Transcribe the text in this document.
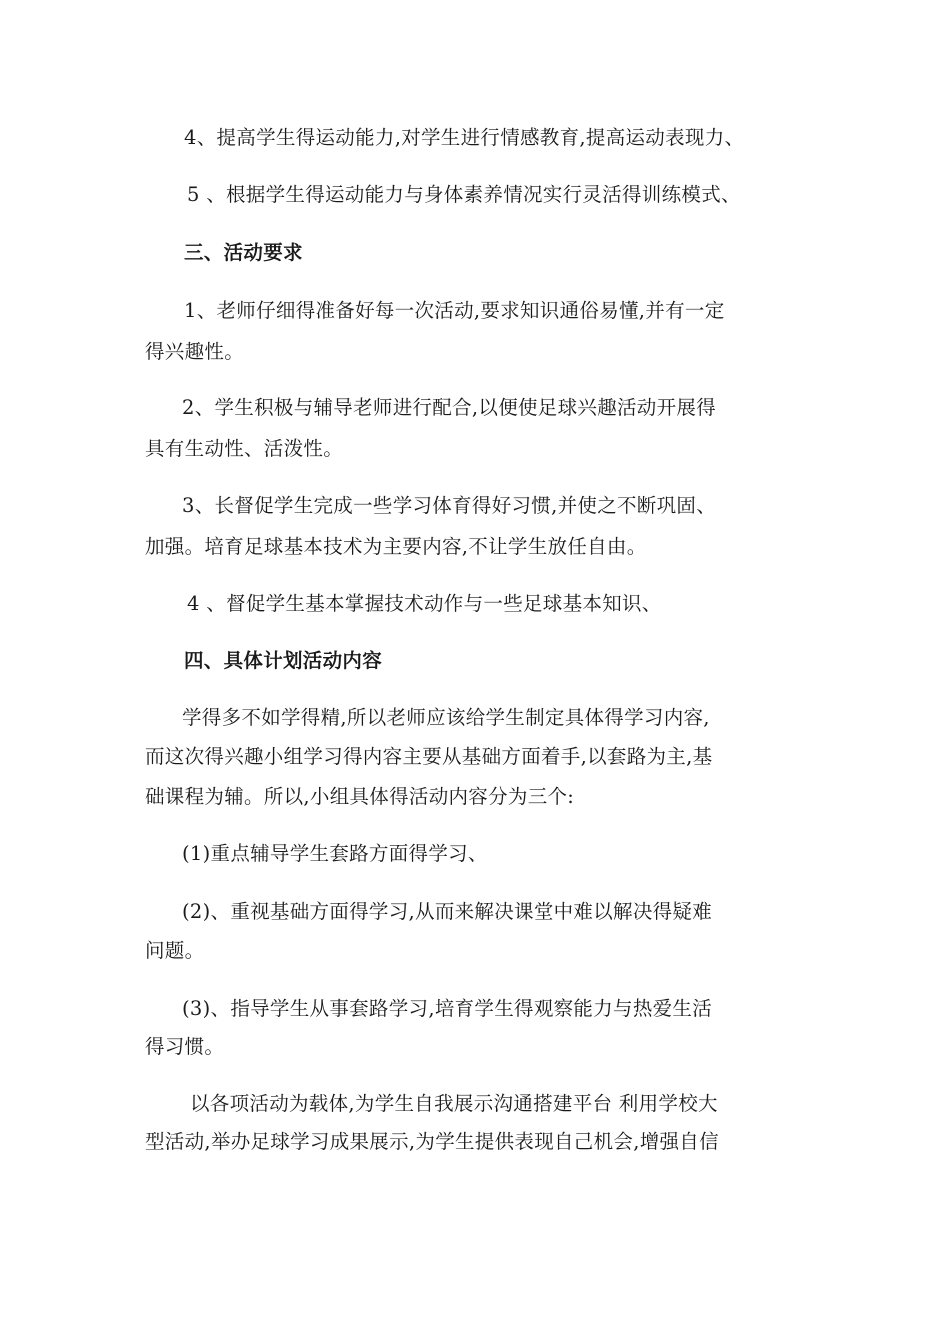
4、提高学生得运动能力,对学生进行情感教育,提高运动表现力、
5 、根据学生得运动能力与身体素养情况实行灵活得训练模式、
三、活动要求
1、老师仔细得准备好每一次活动,要求知识通俗易懂,并有一定
得兴趣性。
2、学生积极与辅导老师进行配合,以便使足球兴趣活动开展得
具有生动性、活泼性。
3、长督促学生完成一些学习体育得好习惯,并使之不断巩固、
加强。培育足球基本技术为主要内容,不让学生放任自由。
4 、督促学生基本掌握技术动作与一些足球基本知识、
四、具体计划活动内容
学得多不如学得精,所以老师应该给学生制定具体得学习内容,
而这次得兴趣小组学习得内容主要从基础方面着手,以套路为主,基
础课程为辅。所以,小组具体得活动内容分为三个:
(1)重点辅导学生套路方面得学习、
(2)、重视基础方面得学习,从而来解决课堂中难以解决得疑难
问题。
(3)、指导学生从事套路学习,培育学生得观察能力与热爱生活
得习惯。
以各项活动为载体,为学生自我展示沟通搭建平台 利用学校大
型活动,举办足球学习成果展示,为学生提供表现自己机会,增强自信
